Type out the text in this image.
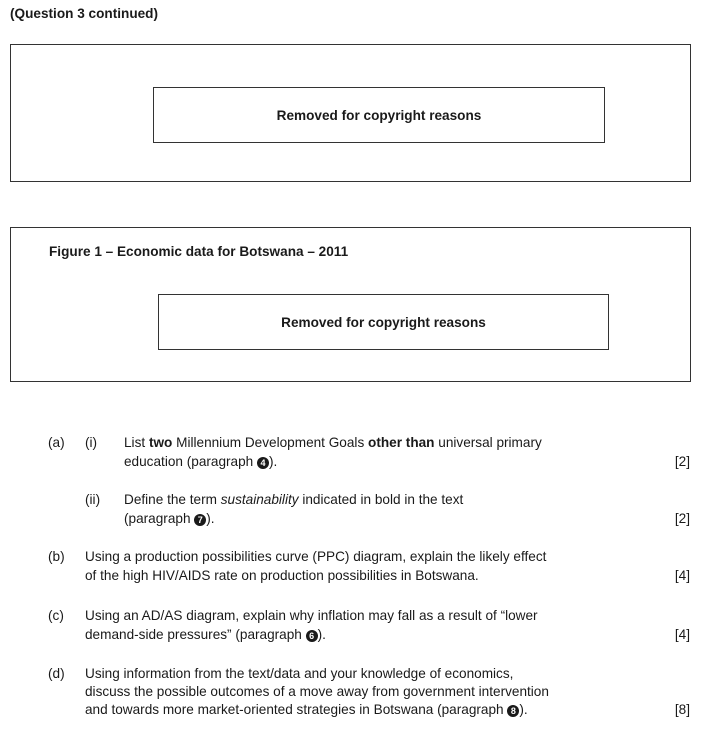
(Question 3 continued)
Removed for copyright reasons
Figure 1 – Economic data for Botswana – 2011
Removed for copyright reasons
(a) (i) List two Millennium Development Goals other than universal primary
education (paragraph 4 ).	[2]
(ii) Define the term sustainability indicated in bold in the text
(paragraph 7 ).	[2]
(b) Using a production possibilities curve (PPC) diagram, explain the likely effect
of the high HIV/AIDS rate on production possibilities in Botswana.	[4]
(c) Using an AD/AS diagram, explain why inflation may fall as a result of “lower
demand-side pressures” (paragraph 6 ).	[4]
(d) Using information from the text/data and your knowledge of economics,
discuss the possible outcomes of a move away from government intervention
and towards more market-oriented strategies in Botswana (paragraph 8 ).	[8]
